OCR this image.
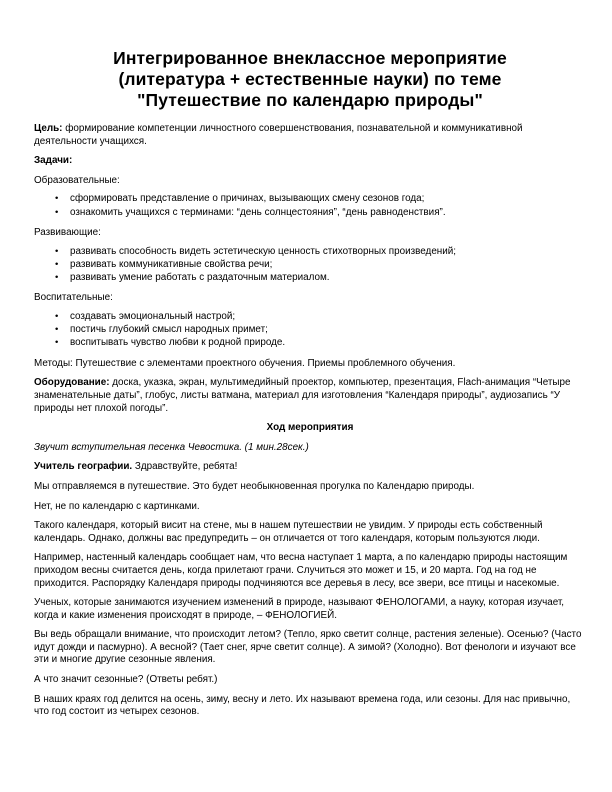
Интегрированное внеклассное мероприятие
(литература + естественные науки) по теме
"Путешествие по календарю природы"

Цель: формирование компетенции личностного совершенствования, познавательной и коммуникативной деятельности учащихся.

Задачи:

Образовательные:

• сформировать представление о причинах, вызывающих смену сезонов года;
• ознакомить учащихся с терминами: “день солнцестояния”, “день равноденствия”.

Развивающие:

• развивать способность видеть эстетическую ценность стихотворных произведений;
• развивать коммуникативные свойства речи;
• развивать умение работать с раздаточным материалом.

Воспитательные:

• создавать эмоциональный настрой;
• постичь глубокий смысл народных примет;
• воспитывать чувство любви к родной природе.

Методы: Путешествие с элементами проектного обучения. Приемы проблемного обучения.

Оборудование: доска, указка, экран, мультимедийный проектор, компьютер, презентация, Flach-анимация “Четыре знаменательные даты”, глобус, листы ватмана, материал для изготовления “Календаря природы”, аудиозапись “У природы нет плохой погоды”.

Ход мероприятия

Звучит вступительная песенка Чевостика. (1 мин.28сек.)

Учитель географии. Здравствуйте, ребята!

Мы отправляемся в путешествие. Это будет необыкновенная прогулка по Календарю природы.

Нет, не по календарю с картинками.

Такого календаря, который висит на стене, мы в нашем путешествии не увидим. У природы есть собственный календарь. Однако, должны вас предупредить – он отличается от того календаря, которым пользуются люди.

Например, настенный календарь сообщает нам, что весна наступает 1 марта, а по календарю природы настоящим приходом весны считается день, когда прилетают грачи. Случиться это может и 15, и 20 марта. Год на год не приходится. Распорядку Календаря природы подчиняются все деревья в лесу, все звери, все птицы и насекомые.

Ученых, которые занимаются изучением изменений в природе, называют ФЕНОЛОГАМИ, а науку, которая изучает, когда и какие изменения происходят в природе, – ФЕНОЛОГИЕЙ.

Вы ведь обращали внимание, что происходит летом? (Тепло, ярко светит солнце, растения зеленые). Осенью? (Часто идут дожди и пасмурно). А весной? (Тает снег, ярче светит солнце). А зимой? (Холодно). Вот фенологи и изучают все эти и многие другие сезонные явления.

А что значит сезонные? (Ответы ребят.)

В наших краях год делится на осень, зиму, весну и лето. Их называют времена года, или сезоны. Для нас привычно, что год состоит из четырех сезонов.
